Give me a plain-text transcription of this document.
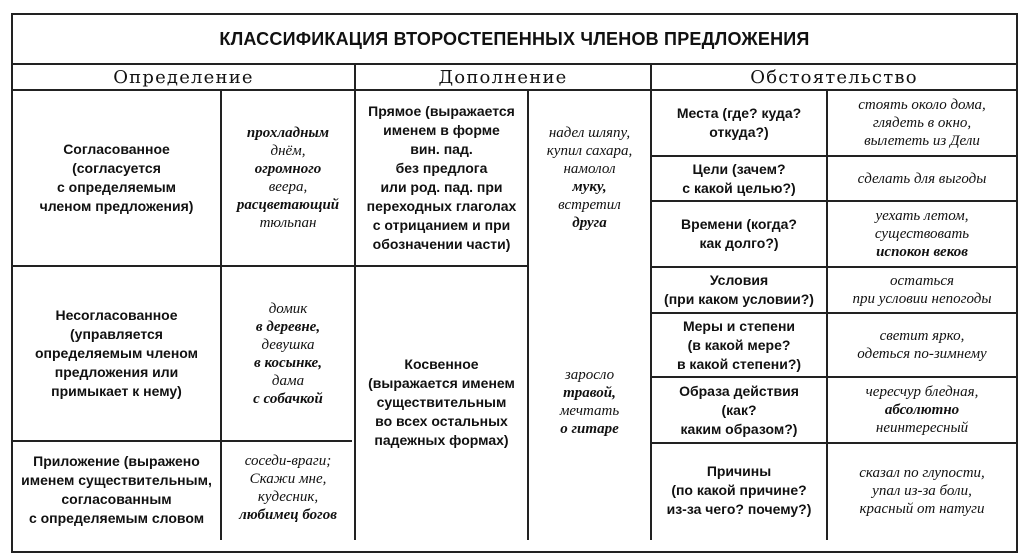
КЛАССИФИКАЦИЯ ВТОРОСТЕПЕННЫХ ЧЛЕНОВ ПРЕДЛОЖЕНИЯ
Определение	Дополнение	Обстоятельство
Согласованное
(согласуется
с определяемым
членом предложения)
прохладным
днём,
огромного
веера,
расцветающий
тюльпан
Несогласованное
(управляется
определяемым членом
предложения или
примыкает к нему)
домик
в деревне,
девушка
в косынке,
дама
с собачкой
Приложение (выражено
именем существительным,
согласованным
с определяемым словом
соседи-враги;
Скажи мне,
кудесник,
любимец богов
Прямое (выражается
именем в форме
вин. пад.
без предлога
или род. пад. при
переходных глаголах
с отрицанием и при
обозначении части)
надел шляпу,
купил сахара,
намолол
муку,
встретил
друга
Косвенное
(выражается именем
существительным
во всех остальных
падежных формах)
заросло
травой,
мечтать
о гитаре
Места (где? куда?
откуда?)
стоять около дома,
глядеть в окно,
вылететь из Дели
Цели (зачем?
с какой целью?)
сделать для выгоды
Времени (когда?
как долго?)
уехать летом,
существовать
испокон веков
Условия
(при каком условии?)
остаться
при условии непогоды
Меры и степени
(в какой мере?
в какой степени?)
светит ярко,
одеться по-зимнему
Образа действия
(как?
каким образом?)
чересчур бледная,
абсолютно
неинтересный
Причины
(по какой причине?
из-за чего? почему?)
сказал по глупости,
упал из-за боли,
красный от натуги
